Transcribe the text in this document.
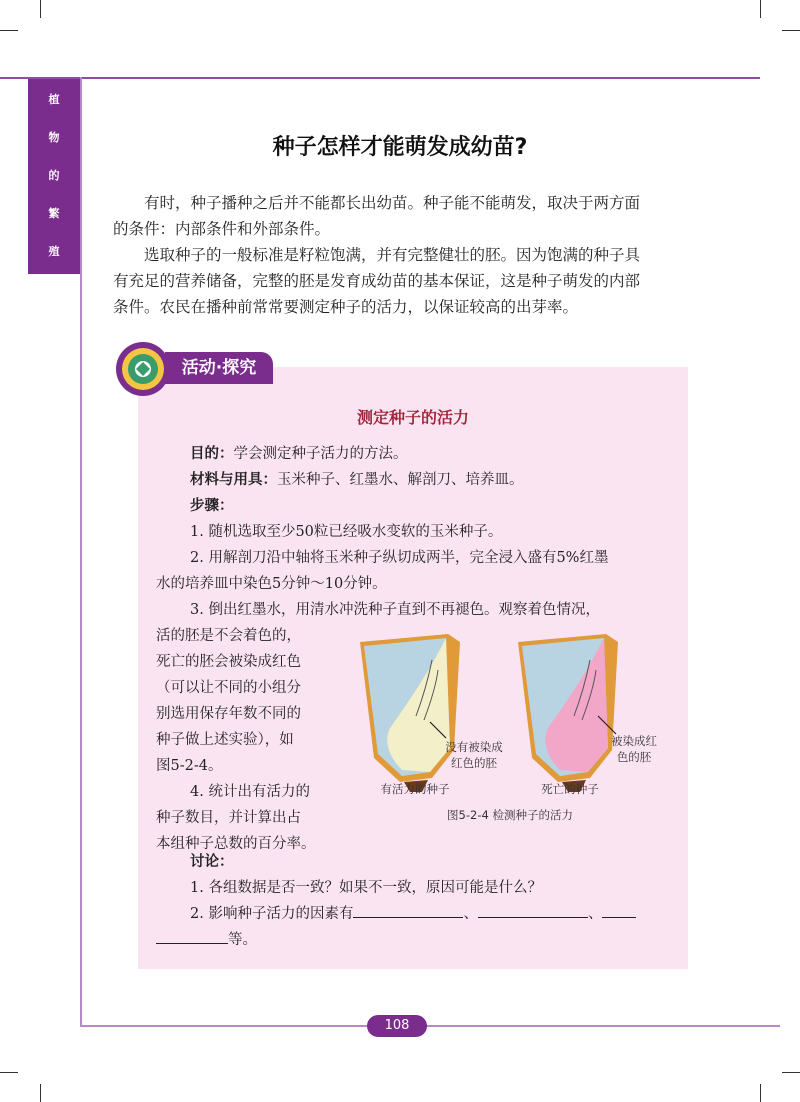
植
物
的
繁
殖
种子怎样才能萌发成幼苗?

有时，种子播种之后并不能都长出幼苗。种子能不能萌发，取决于两方面
的条件：内部条件和外部条件。

选取种子的一般标准是籽粒饱满，并有完整健壮的胚。因为饱满的种子具
有充足的营养储备，完整的胚是发育成幼苗的基本保证，这是种子萌发的内部
条件。农民在播种前常常要测定种子的活力，以保证较高的出芽率。

活动·探究
测定种子的活力

目的：学会测定种子活力的方法。

材料与用具：玉米种子、红墨水、解剖刀、培养皿。

步骤：

1. 随机选取至少50粒已经吸水变软的玉米种子。

2. 用解剖刀沿中轴将玉米种子纵切成两半，完全浸入盛有5%红墨

水的培养皿中染色5分钟～10分钟。

3. 倒出红墨水，用清水冲洗种子直到不再褪色。观察着色情况，

活的胚是不会着色的，
死亡的胚会被染成红色
（可以让不同的小组分
别选用保存年数不同的
种子做上述实验），如
图5-2-4。

4. 统计出有活力的
种子数目，并计算出占
本组种子总数的百分率。

没有被染成
红色的胚
被染成红
色的胚
有活力的种子	死亡的种子
图5-2-4 检测种子的活力

讨论：

1. 各组数据是否一致？如果不一致，原因可能是什么？

2. 影响种子活力的因素有	、	、

等。

108
